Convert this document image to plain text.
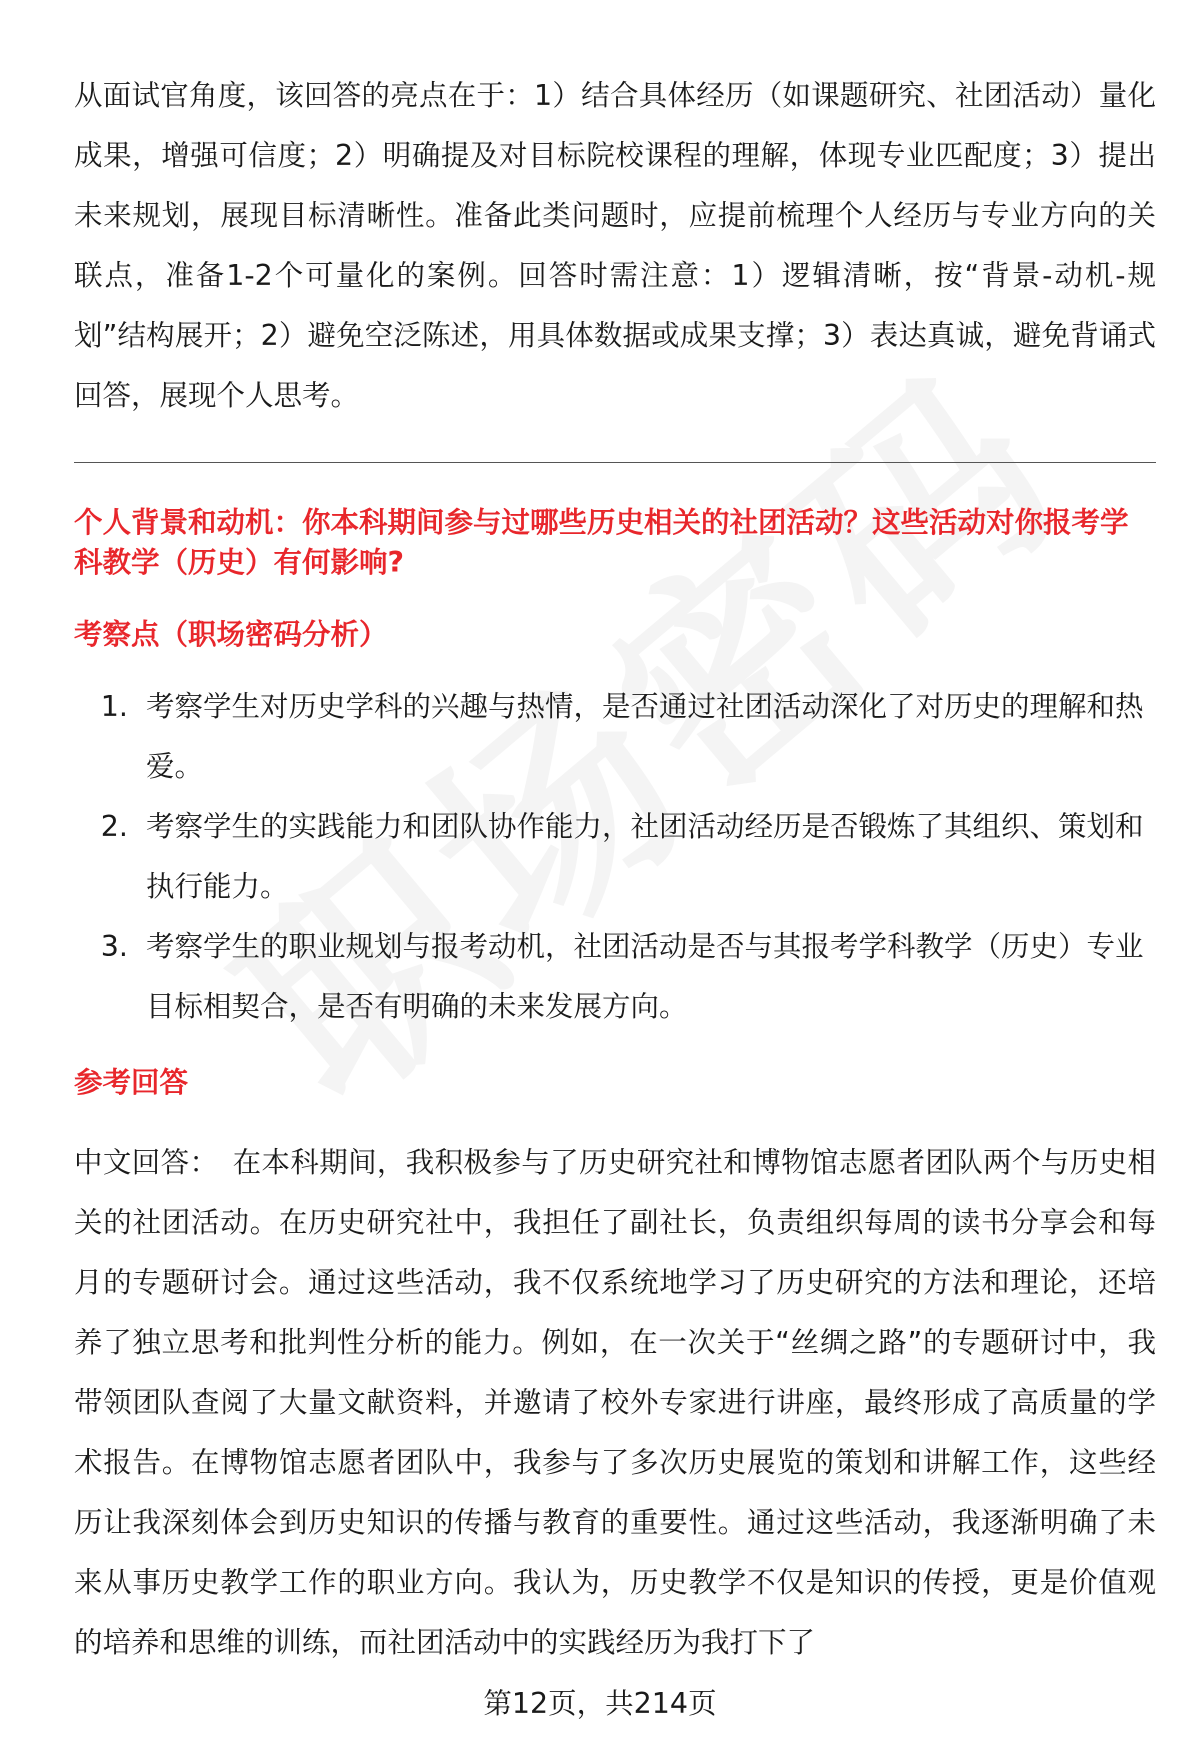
从面试官角度，该回答的亮点在于：1）结合具体经历（如课题研究、社团活动）量化成果，增强可信度；2）明确提及对目标院校课程的理解，体现专业匹配度；3）提出未来规划，展现目标清晰性。准备此类问题时，应提前梳理个人经历与专业方向的关联点，准备1-2个可量化的案例。回答时需注意：1）逻辑清晰，按“背景-动机-规划”结构展开；2）避免空泛陈述，用具体数据或成果支撑；3）表达真诚，避免背诵式回答，展现个人思考。

个人背景和动机：你本科期间参与过哪些历史相关的社团活动？这些活动对你报考学科教学（历史）有何影响?
考察点（职场密码分析）
1. 考察学生对历史学科的兴趣与热情，是否通过社团活动深化了对历史的理解和热爱。
2. 考察学生的实践能力和团队协作能力，社团活动经历是否锻炼了其组织、策划和执行能力。
3. 考察学生的职业规划与报考动机，社团活动是否与其报考学科教学（历史）专业目标相契合，是否有明确的未来发展方向。
参考回答

中文回答： 在本科期间，我积极参与了历史研究社和博物馆志愿者团队两个与历史相关的社团活动。在历史研究社中，我担任了副社长，负责组织每周的读书分享会和每月的专题研讨会。通过这些活动，我不仅系统地学习了历史研究的方法和理论，还培养了独立思考和批判性分析的能力。例如，在一次关于“丝绸之路”的专题研讨中，我带领团队查阅了大量文献资料，并邀请了校外专家进行讲座，最终形成了高质量的学术报告。在博物馆志愿者团队中，我参与了多次历史展览的策划和讲解工作，这些经历让我深刻体会到历史知识的传播与教育的重要性。通过这些活动，我逐渐明确了未来从事历史教学工作的职业方向。我认为，历史教学不仅是知识的传授，更是价值观的培养和思维的训练，而社团活动中的实践经历为我打下了

第12页，共214页
